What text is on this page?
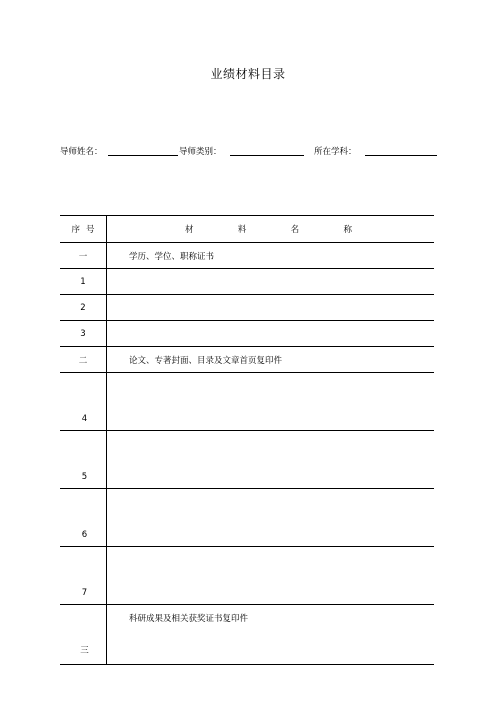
业绩材料目录
导师姓名：	导师类别：	所在学科：
序号	材 料 名 称

一	学历、学位、职称证书
1	
2	
3	
二	论文、专著封面、目录及文章首页复印件
4	
5	
6	
7	
三	科研成果及相关获奖证书复印件
